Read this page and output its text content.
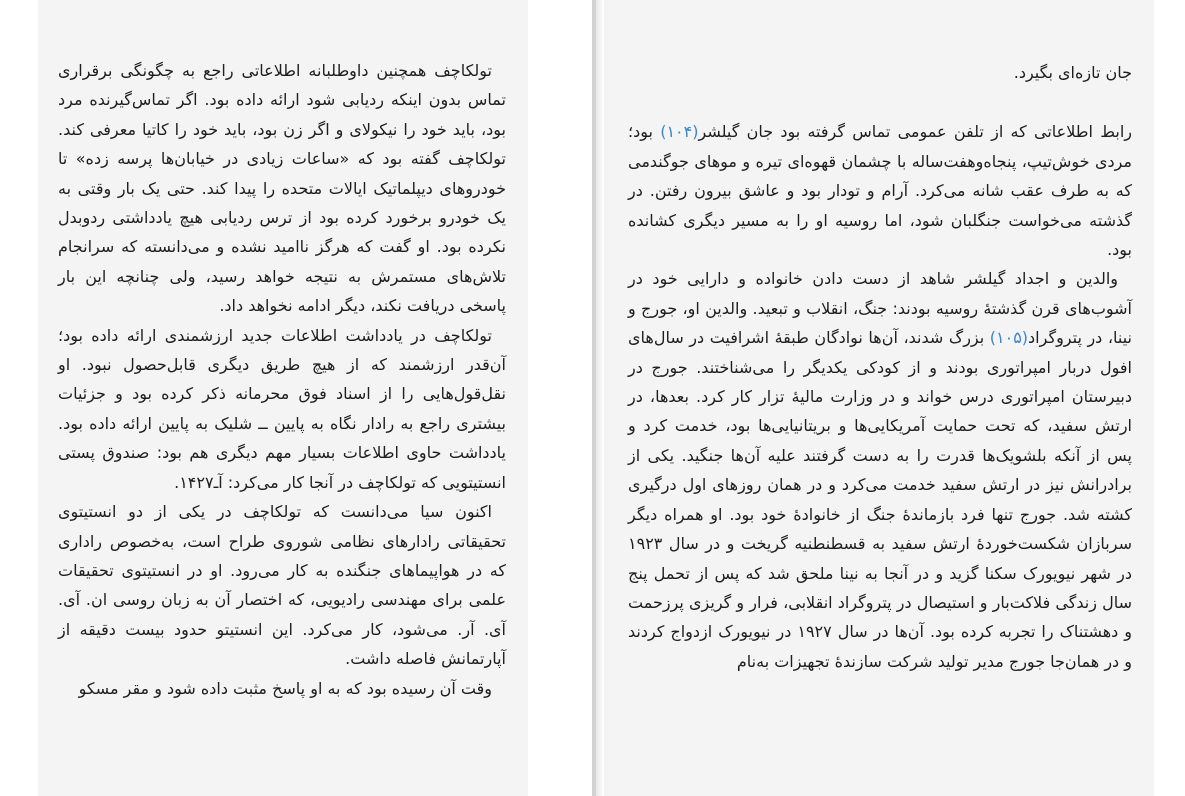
تولکاچف همچنین داوطلبانه اطلاعاتی راجع به چگونگی برقراری تماس بدون اینکه ردیابی شود ارائه داده بود. اگر تماس‌گیرنده مرد بود، باید خود را نیکولای و اگر زن بود، باید خود را کاتیا معرفی کند. تولکاچف گفته بود که «ساعات زیادی در خیابان‌ها پرسه زده» تا خودروهای دیپلماتیک ایالات متحده را پیدا کند. حتی یک بار وقتی به یک خودرو برخورد کرده بود از ترس ردیابی هیچ یادداشتی ردوبدل نکرده بود. او گفت که هرگز ناامید نشده و می‌دانسته که سرانجام تلاش‌های مستمرش به نتیجه خواهد رسید، ولی چنانچه این بار پاسخی دریافت نکند، دیگر ادامه نخواهد داد.

تولکاچف در یادداشت اطلاعات جدید ارزشمندی ارائه داده بود؛ آن‌قدر ارزشمند که از هیچ طریق دیگری قابل‌حصول نبود. او نقل‌قول‌هایی را از اسناد فوق محرمانه ذکر کرده بود و جزئیات بیشتری راجع به رادار نگاه به پایین ــ شلیک به پایین ارائه داده بود. یادداشت حاوی اطلاعات بسیار مهم دیگری هم بود: صندوق پستی انستیتویی که تولکاچف در آنجا کار می‌کرد: آـ۱۴۲۷.

اکنون سیا می‌دانست که تولکاچف در یکی از دو انستیتوی تحقیقاتی رادارهای نظامی شوروی طراح است، به‌خصوص راداری که در هواپیماهای جنگنده به کار می‌رود. او در انستیتوی تحقیقات علمی برای مهندسی رادیویی، که اختصار آن به زبان روسی ان. آی. آی. آر. می‌شود، کار می‌کرد. این انستیتو حدود بیست دقیقه از آپارتمانش فاصله داشت.

وقت آن رسیده بود که به او پاسخ مثبت داده شود و مقر مسکو

جان تازه‌ای بگیرد.

رابط اطلاعاتی که از تلفن عمومی تماس گرفته بود جان گیلشر(۱۰۴) بود؛ مردی خوش‌تیپ، پنجاه‌وهفت‌ساله با چشمان قهوه‌ای تیره و موهای جوگندمی که به طرف عقب شانه می‌کرد. آرام و تودار بود و عاشق بیرون رفتن. در گذشته می‌خواست جنگلبان شود، اما روسیه او را به مسیر دیگری کشانده بود.

والدین و اجداد گیلشر شاهد از دست دادن خانواده و دارایی خود در آشوب‌های قرن گذشتهٔ روسیه بودند: جنگ، انقلاب و تبعید. والدین او، جورج و نینا، در پتروگراد(۱۰۵) بزرگ شدند، آن‌ها نوادگان طبقهٔ اشرافیت در سال‌های افول دربار امپراتوری بودند و از کودکی یکدیگر را می‌شناختند. جورج در دبیرستان امپراتوری درس خواند و در وزارت مالیهٔ تزار کار کرد. بعدها، در ارتش سفید، که تحت حمایت آمریکایی‌ها و بریتانیایی‌ها بود، خدمت کرد و پس از آنکه بلشویک‌ها قدرت را به دست گرفتند علیه آن‌ها جنگید. یکی از برادرانش نیز در ارتش سفید خدمت می‌کرد و در همان روزهای اول درگیری کشته شد. جورج تنها فرد بازماندهٔ جنگ از خانوادهٔ خود بود. او همراه دیگر سربازان شکست‌خوردهٔ ارتش سفید به قسطنطنیه گریخت و در سال ۱۹۲۳ در شهر نیویورک سکنا گزید و در آنجا به نینا ملحق شد که پس از تحمل پنج سال زندگی فلاکت‌بار و استیصال در پتروگراد انقلابی، فرار و گریزی پرزحمت و دهشتناک را تجربه کرده بود. آن‌ها در سال ۱۹۲۷ در نیویورک ازدواج کردند و در همان‌جا جورج مدیر تولید شرکت سازندهٔ تجهیزات به‌نام
